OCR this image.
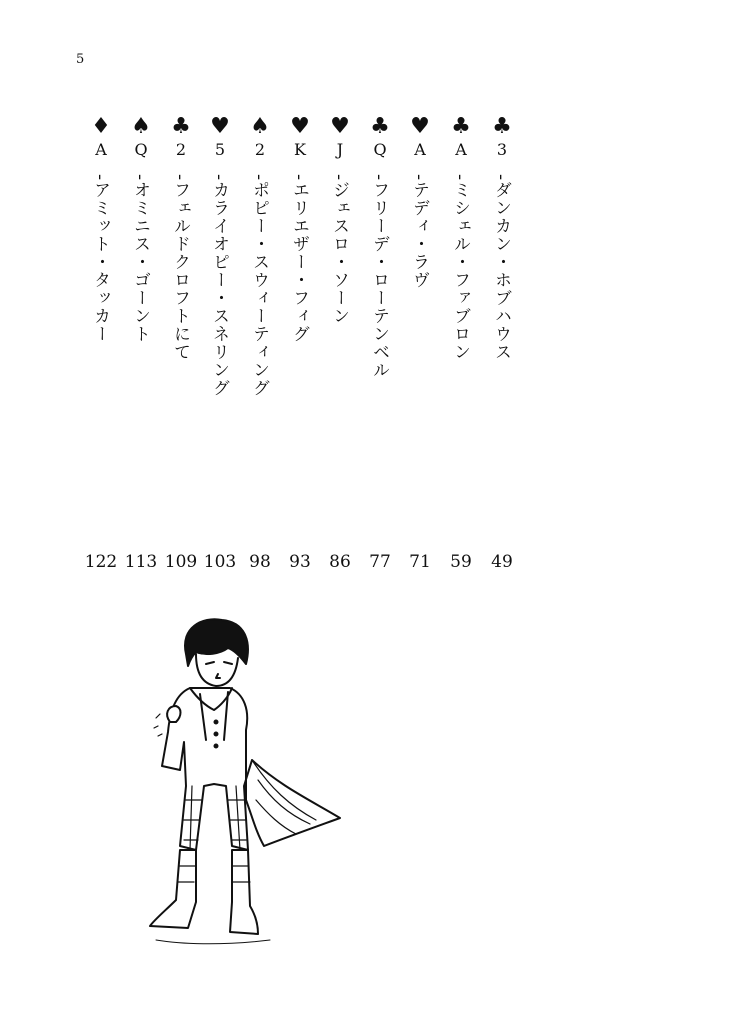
5
♣
3
-ダンカン・ホブハウス
49
♣
A
-ミシェル・ファブロン
59
♥
A
-テディ・ラヴ
71
♣
Q
-フリーデ・ローテンベル
77
♥
J
-ジェスロ・ソーン
86
♥
K
-エリエザー・フィグ
93
♠
2
-ポピー・スウィーティング
98
♥
5
-カライオピー・スネリング
103
♣
2
-フェルドクロフトにて
109
♠
Q
-オミニス・ゴーント
113
♦
A
-アミット・タッカー
122
